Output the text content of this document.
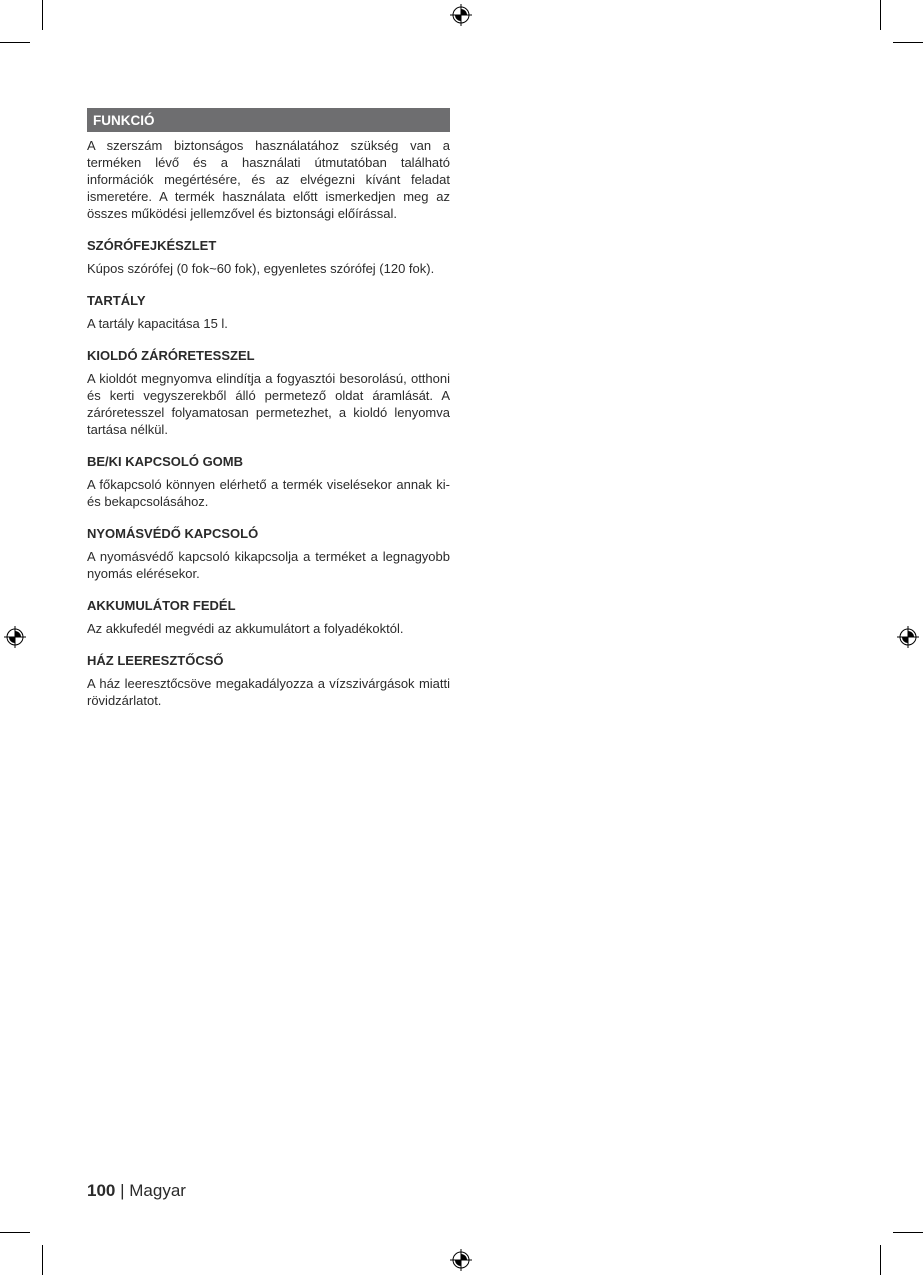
FUNKCIÓ

A szerszám biztonságos használatához szükség van a terméken lévő és a használati útmutatóban található információk megértésére, és az elvégezni kívánt feladat ismeretére. A termék használata előtt ismerkedjen meg az összes működési jellemzővel és biztonsági előírással.

SZÓRÓFEJKÉSZLET

Kúpos szórófej (0 fok~60 fok), egyenletes szórófej (120 fok).

TARTÁLY

A tartály kapacitása 15 l.

KIOLDÓ ZÁRÓRETESSZEL

A kioldót megnyomva elindítja a fogyasztói besorolású, otthoni és kerti vegyszerekből álló permetező oldat áramlását. A záróretesszel folyamatosan permetezhet, a kioldó lenyomva tartása nélkül.

BE/KI KAPCSOLÓ GOMB

A főkapcsoló könnyen elérhető a termék viselésekor annak ki- és bekapcsolásához.

NYOMÁSVÉDŐ KAPCSOLÓ

A nyomásvédő kapcsoló kikapcsolja a terméket a legnagyobb nyomás elérésekor.

AKKUMULÁTOR FEDÉL

Az akkufedél megvédi az akkumulátort a folyadékoktól.

HÁZ LEERESZTŐCSŐ

A ház leeresztőcsöve megakadályozza a vízszivárgások miatti rövidzárlatot.

100 | Magyar
